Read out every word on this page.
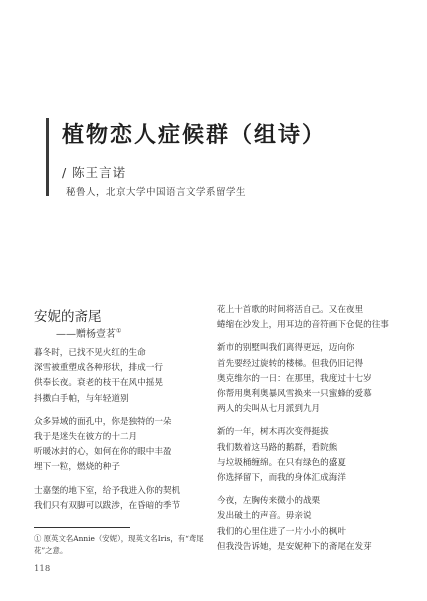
植物恋人症候群（组诗）
/ 陈王言诺
秘鲁人，北京大学中国语言文学系留学生
安妮的斋尾
——赠杨壹茗①
暮冬时，已找不见火红的生命
深雪被重塑成各种形状，排成一行
供奉长夜。衰老的枝干在风中摇晃
抖擞白手帕，与年轻道别
众多异域的面孔中，你是独特的一朵
我于是迷失在彼方的十二月
听暖冰封的心，如何在你的眼中丰盈
埋下一粒，燃烧的种子
士嘉堡的地下室，给予我进入你的契机
我们只有双脚可以跋涉，在昏暗的季节
花上十首歌的时间将活自己。又在夜里
蜷缩在沙发上，用耳边的音符画下仓促的往事
新市的别墅叫我们离得更远，迈向你
首先要经过旋转的楼梯。但我仍旧记得
奥克维尔的一日：在那里，我度过十七岁
你帮用奥利奥暴风雪换来一只蜜蜂的爱慕
两人的尖叫从七月派到九月
新的一年，树木再次变得挺拔
我们数着这马路的鹅群，看院熊
与垃圾桶缠绵。在只有绿色的盛夏
你选择留下，而我的身体汇成海洋
今夜，左胸传来微小的战栗
发出破土的声音。毋亲说
我们的心里住进了一片小小的枫叶
但我没告诉她，是安妮种下的斋尾在发芽
① 原英文名Annie（安妮），现英文名Iris，有“鸢尾花”之意。
118
